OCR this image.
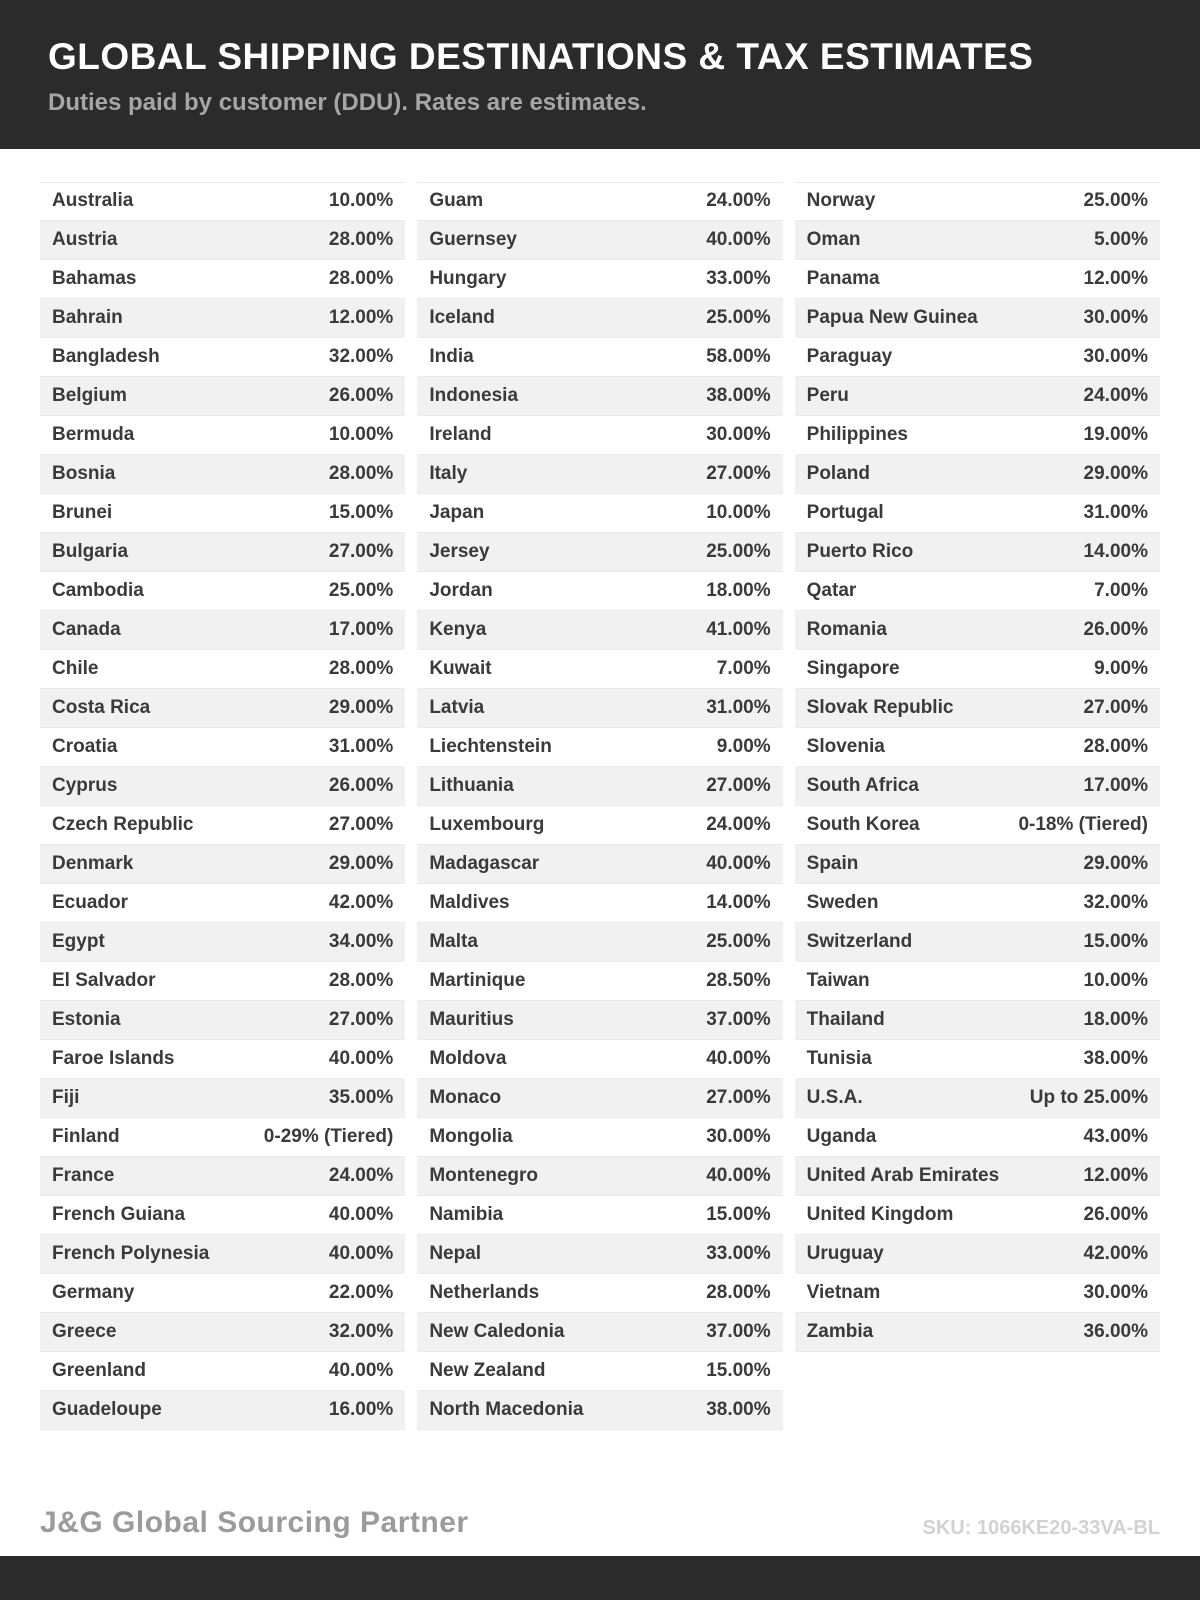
GLOBAL SHIPPING DESTINATIONS & TAX ESTIMATES

Duties paid by customer (DDU). Rates are estimates.

Australia	10.00%
Austria	28.00%
Bahamas	28.00%
Bahrain	12.00%
Bangladesh	32.00%
Belgium	26.00%
Bermuda	10.00%
Bosnia	28.00%
Brunei	15.00%
Bulgaria	27.00%
Cambodia	25.00%
Canada	17.00%
Chile	28.00%
Costa Rica	29.00%
Croatia	31.00%
Cyprus	26.00%
Czech Republic	27.00%
Denmark	29.00%
Ecuador	42.00%
Egypt	34.00%
El Salvador	28.00%
Estonia	27.00%
Faroe Islands	40.00%
Fiji	35.00%
Finland	0-29% (Tiered)
France	24.00%
French Guiana	40.00%
French Polynesia	40.00%
Germany	22.00%
Greece	32.00%
Greenland	40.00%
Guadeloupe	16.00%
Guam	24.00%
Guernsey	40.00%
Hungary	33.00%
Iceland	25.00%
India	58.00%
Indonesia	38.00%
Ireland	30.00%
Italy	27.00%
Japan	10.00%
Jersey	25.00%
Jordan	18.00%
Kenya	41.00%
Kuwait	7.00%
Latvia	31.00%
Liechtenstein	9.00%
Lithuania	27.00%
Luxembourg	24.00%
Madagascar	40.00%
Maldives	14.00%
Malta	25.00%
Martinique	28.50%
Mauritius	37.00%
Moldova	40.00%
Monaco	27.00%
Mongolia	30.00%
Montenegro	40.00%
Namibia	15.00%
Nepal	33.00%
Netherlands	28.00%
New Caledonia	37.00%
New Zealand	15.00%
North Macedonia	38.00%
Norway	25.00%
Oman	5.00%
Panama	12.00%
Papua New Guinea	30.00%
Paraguay	30.00%
Peru	24.00%
Philippines	19.00%
Poland	29.00%
Portugal	31.00%
Puerto Rico	14.00%
Qatar	7.00%
Romania	26.00%
Singapore	9.00%
Slovak Republic	27.00%
Slovenia	28.00%
South Africa	17.00%
South Korea	0-18% (Tiered)
Spain	29.00%
Sweden	32.00%
Switzerland	15.00%
Taiwan	10.00%
Thailand	18.00%
Tunisia	38.00%
U.S.A.	Up to 25.00%
Uganda	43.00%
United Arab Emirates	12.00%
United Kingdom	26.00%
Uruguay	42.00%
Vietnam	30.00%
Zambia	36.00%
J&G Global Sourcing Partner	SKU: 1066KE20-33VA-BL
